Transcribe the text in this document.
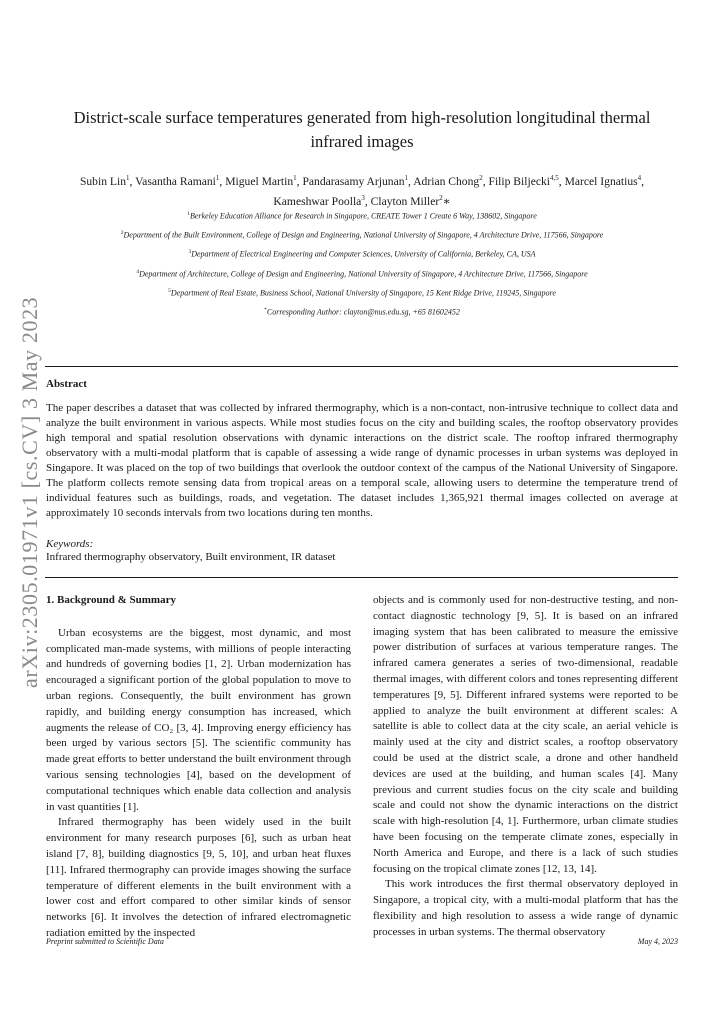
arXiv:2305.01971v1 [cs.CV] 3 May 2023
District-scale surface temperatures generated from high-resolution longitudinal thermal infrared images
Subin Lin$^1$, Vasantha Ramani$^1$, Miguel Martin$^1$, Pandarasamy Arjunan$^1$, Adrian Chong$^2$, Filip Biljecki$^{4,5}$, Marcel Ignatius$^4$, Kameshwar Poolla$^3$, Clayton Miller$^2$∗
$^1$Berkeley Education Alliance for Research in Singapore, CREATE Tower 1 Create 6 Way, 138602, Singapore
$^2$Department of the Built Environment, College of Design and Engineering, National University of Singapore, 4 Architecture Drive, 117566, Singapore
$^3$Department of Electrical Engineering and Computer Sciences, University of California, Berkeley, CA, USA
$^4$Department of Architecture, College of Design and Engineering, National University of Singapore, 4 Architecture Drive, 117566, Singapore
$^5$Department of Real Estate, Business School, National University of Singapore, 15 Kent Ridge Drive, 119245, Singapore
*Corresponding Author: clayton@nus.edu.sg, +65 81602452
Abstract
The paper describes a dataset that was collected by infrared thermography, which is a non-contact, non-intrusive technique to collect data and analyze the built environment in various aspects. While most studies focus on the city and building scales, the rooftop observatory provides high temporal and spatial resolution observations with dynamic interactions on the district scale. The rooftop infrared thermography observatory with a multi-modal platform that is capable of assessing a wide range of dynamic processes in urban systems was deployed in Singapore. It was placed on the top of two buildings that overlook the outdoor context of the campus of the National University of Singapore. The platform collects remote sensing data from tropical areas on a temporal scale, allowing users to determine the temperature trend of individual features such as buildings, roads, and vegetation. The dataset includes 1,365,921 thermal images collected on average at approximately 10 seconds intervals from two locations during ten months.
Keywords:
Infrared thermography observatory, Built environment, IR dataset
1. Background & Summary

Urban ecosystems are the biggest, most dynamic, and most complicated man-made systems, with millions of people interacting and hundreds of governing bodies [1, 2]. Urban modernization has encouraged a significant portion of the global population to move to urban regions. Consequently, the built environment has grown rapidly, and building energy consumption has increased, which augments the release of CO₂ [3, 4]. Improving energy efficiency has been urged by various sectors [5]. The scientific community has made great efforts to better understand the built environment through various sensing technologies [4], based on the development of computational techniques which enable data collection and analysis in vast quantities [1].

Infrared thermography has been widely used in the built environment for many research purposes [6], such as urban heat island [7, 8], building diagnostics [9, 5, 10], and urban heat fluxes [11]. Infrared thermography can provide images showing the surface temperature of different elements in the built environment with a lower cost and effort compared to other similar kinds of sensor networks [6]. It involves the detection of infrared electromagnetic radiation emitted by the inspected

objects and is commonly used for non-destructive testing, and non-contact diagnostic technology [9, 5]. It is based on an infrared imaging system that has been calibrated to measure the emissive power distribution of surfaces at various temperature ranges. The infrared camera generates a series of two-dimensional, readable thermal images, with different colors and tones representing different temperatures [9, 5]. Different infrared systems were reported to be applied to analyze the built environment at different scales: A satellite is able to collect data at the city scale, an aerial vehicle is mainly used at the city and district scales, a rooftop observatory could be used at the district scale, a drone and other handheld devices are used at the building, and human scales [4]. Many previous and current studies focus on the city scale and building scale and could not show the dynamic interactions on the district scale with high-resolution [4, 1]. Furthermore, urban climate studies have been focusing on the temperate climate zones, especially in North America and Europe, and there is a lack of such studies focusing on the tropical climate zones [12, 13, 14].

This work introduces the first thermal observatory deployed in Singapore, a tropical city, with a multi-modal platform that has the flexibility and high resolution to assess a wide range of dynamic processes in urban systems. The thermal observatory

Preprint submitted to Scientific Data	May 4, 2023
